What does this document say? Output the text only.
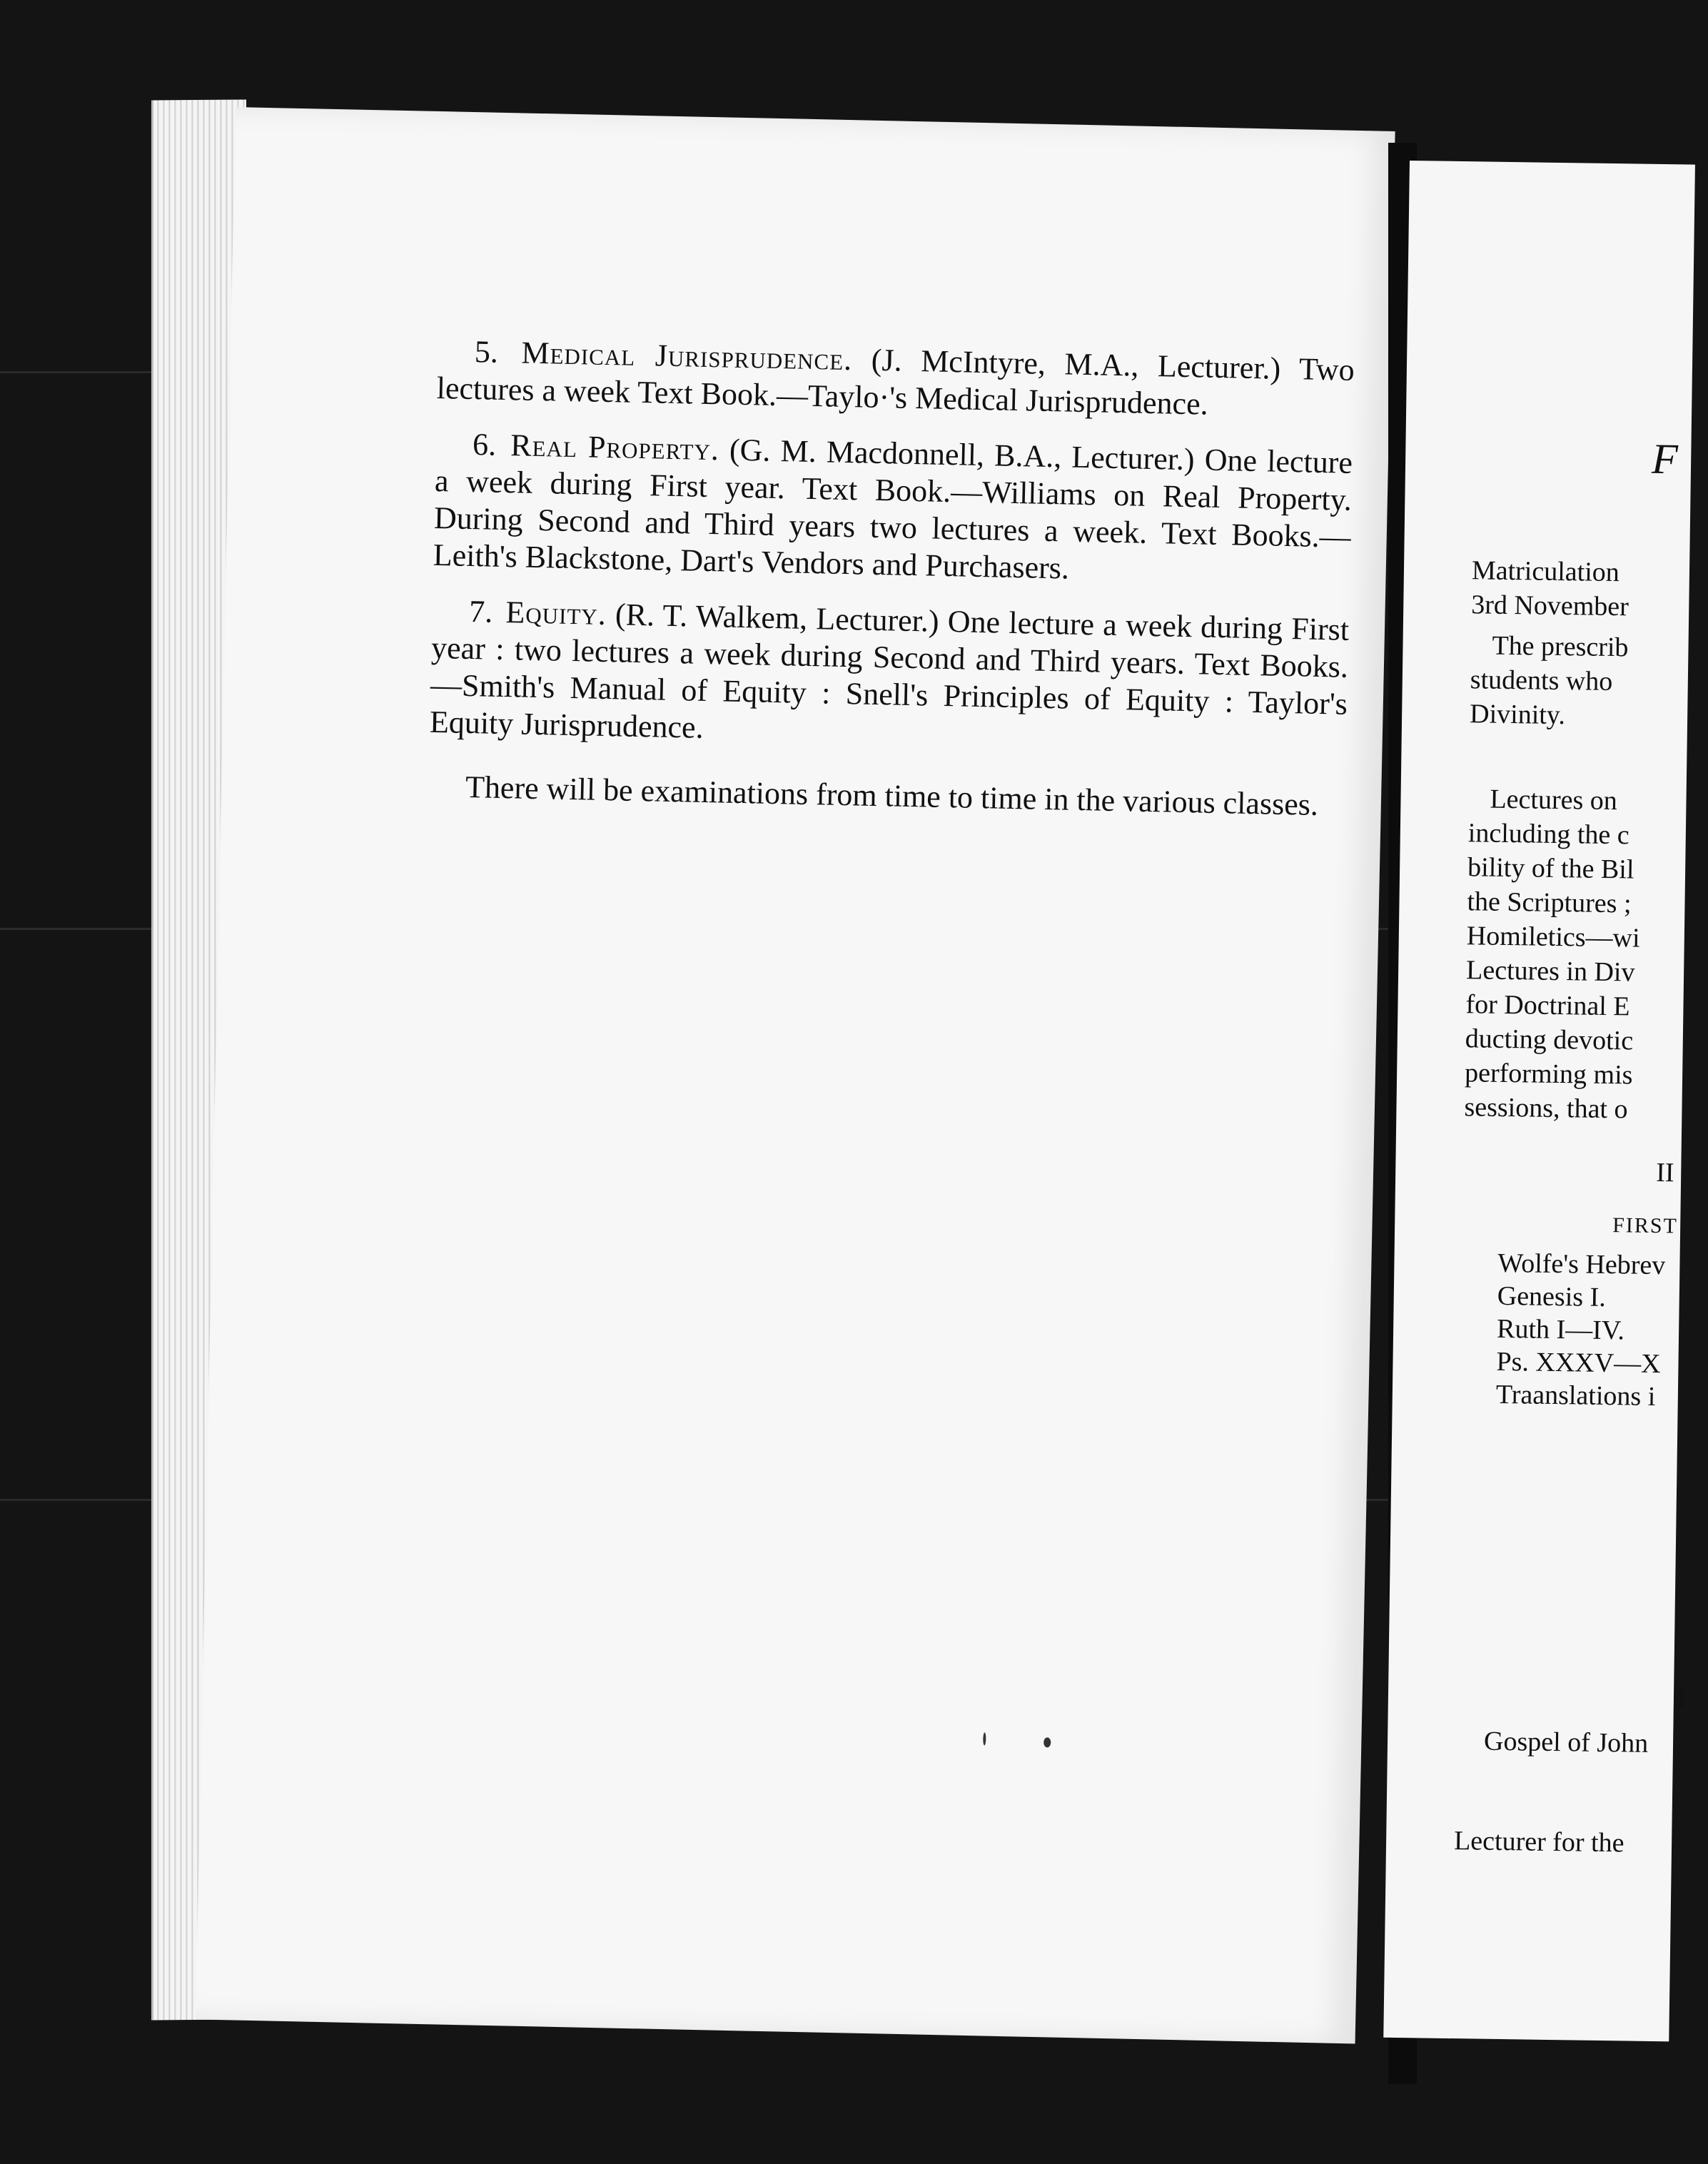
5. Medical Jurisprudence. (J. McIntyre, M.A., Lecturer.) Two lectures a week Text Book.—Taylo·'s Medical Jurisprudence.

6. Real Property. (G. M. Macdonnell, B.A., Lecturer.) One lecture a week during First year. Text Book.—Williams on Real Property. During Second and Third years two lectures a week. Text Books.—Leith's Blackstone, Dart's Vendors and Purchasers.

7. Equity. (R. T. Walkem, Lecturer.) One lecture a week during First year : two lectures a week during Second and Third years. Text Books.—Smith's Manual of Equity : Snell's Principles of Equity : Taylor's Equity Jurisprudence.

There will be examinations from time to time in the various classes.

F
Matriculation
3rd November
The prescrib
students who
Divinity.
Lectures on
including the c
bility of the Bil
the Scriptures ;
Homiletics—wi
Lectures in Div
for Doctrinal E
ducting devotic
performing mis
sessions, that o
II
FIRST
Wolfe's Hebrev
Genesis I.
Ruth I—IV.
Ps. XXXV—X
Traanslations i
I
Gospel of John
Lecturer for the
